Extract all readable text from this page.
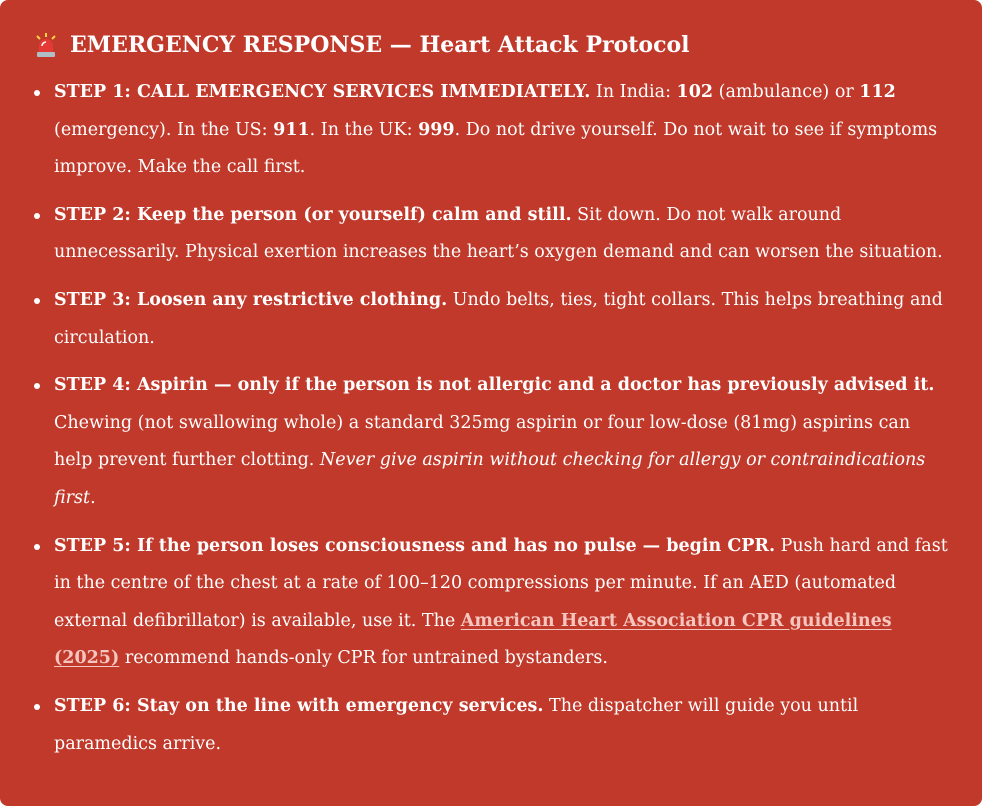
EMERGENCY RESPONSE — Heart Attack Protocol
STEP 1: CALL EMERGENCY SERVICES IMMEDIATELY. In India: 102 (ambulance) or 112 (emergency). In the US: 911. In the UK: 999. Do not drive yourself. Do not wait to see if symptoms improve. Make the call first.
STEP 2: Keep the person (or yourself) calm and still. Sit down. Do not walk around unnecessarily. Physical exertion increases the heart’s oxygen demand and can worsen the situation.
STEP 3: Loosen any restrictive clothing. Undo belts, ties, tight collars. This helps breathing and circulation.
STEP 4: Aspirin — only if the person is not allergic and a doctor has previously advised it. Chewing (not swallowing whole) a standard 325mg aspirin or four low-dose (81mg) aspirins can help prevent further clotting. Never give aspirin without checking for allergy or contraindications first.
STEP 5: If the person loses consciousness and has no pulse — begin CPR. Push hard and fast in the centre of the chest at a rate of 100–120 compressions per minute. If an AED (automated external defibrillator) is available, use it. The American Heart Association CPR guidelines (2025) recommend hands-only CPR for untrained bystanders.
STEP 6: Stay on the line with emergency services. The dispatcher will guide you until paramedics arrive.
